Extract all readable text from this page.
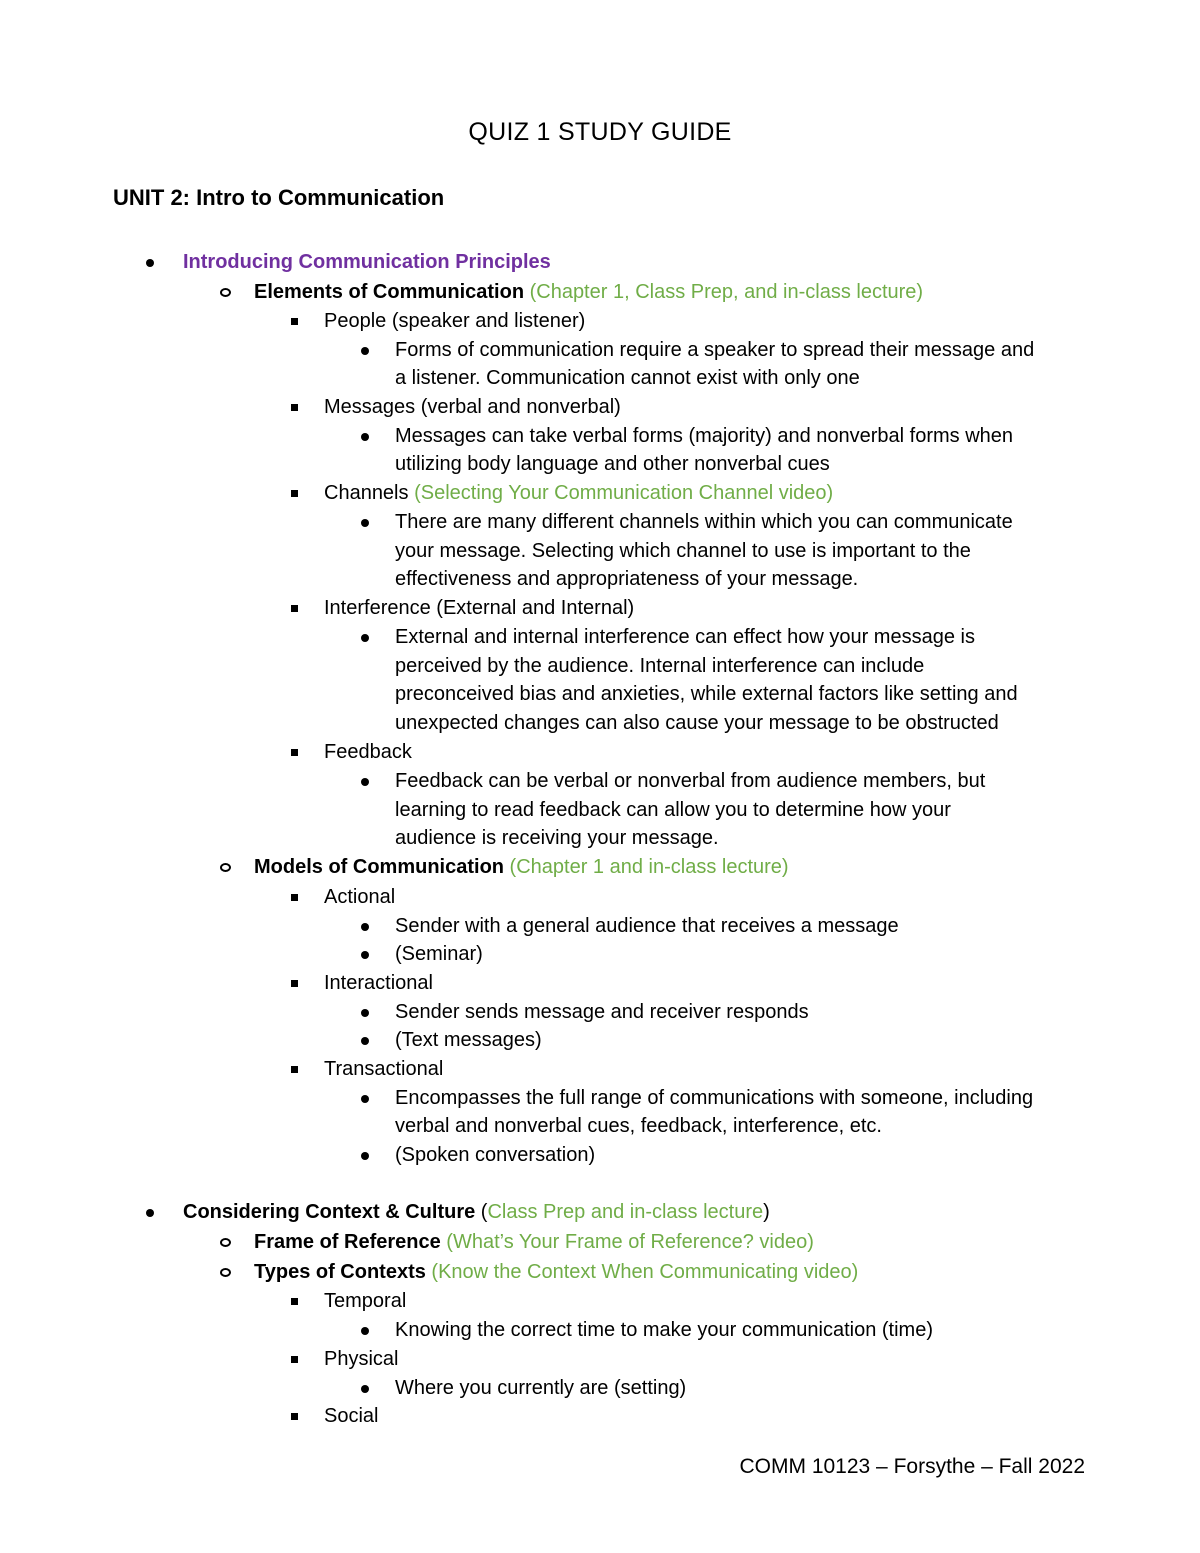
QUIZ 1 STUDY GUIDE
UNIT 2: Intro to Communication
Introducing Communication Principles
Elements of Communication (Chapter 1, Class Prep, and in-class lecture)
People (speaker and listener)
Forms of communication require a speaker to spread their message and
a listener. Communication cannot exist with only one
Messages (verbal and nonverbal)
Messages can take verbal forms (majority) and nonverbal forms when
utilizing body language and other nonverbal cues
Channels (Selecting Your Communication Channel video)
There are many different channels within which you can communicate
your message. Selecting which channel to use is important to the
effectiveness and appropriateness of your message.
Interference (External and Internal)
External and internal interference can effect how your message is
perceived by the audience. Internal interference can include
preconceived bias and anxieties, while external factors like setting and
unexpected changes can also cause your message to be obstructed
Feedback
Feedback can be verbal or nonverbal from audience members, but
learning to read feedback can allow you to determine how your
audience is receiving your message.
Models of Communication (Chapter 1 and in-class lecture)
Actional
Sender with a general audience that receives a message
(Seminar)
Interactional
Sender sends message and receiver responds
(Text messages)
Transactional
Encompasses the full range of communications with someone, including
verbal and nonverbal cues, feedback, interference, etc.
(Spoken conversation)
Considering Context & Culture (Class Prep and in-class lecture)
Frame of Reference (What’s Your Frame of Reference? video)
Types of Contexts (Know the Context When Communicating video)
Temporal
Knowing the correct time to make your communication (time)
Physical
Where you currently are (setting)
Social
COMM 10123 – Forsythe – Fall 2022
